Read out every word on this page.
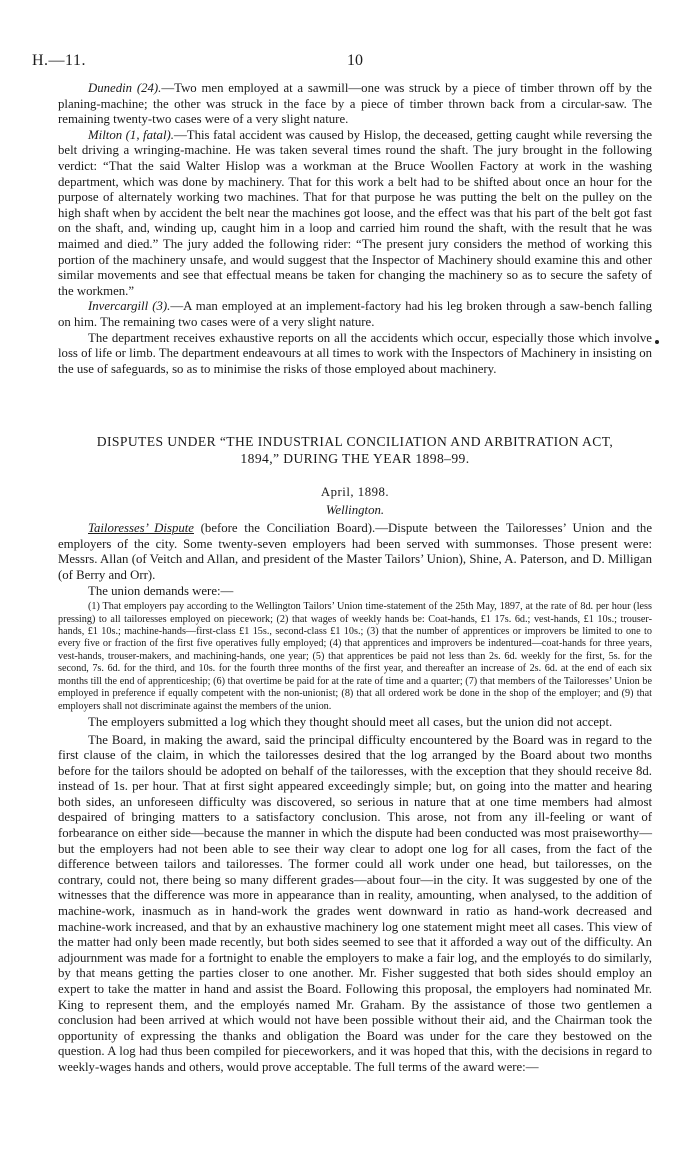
H.—11.	10

Dunedin (24).—Two men employed at a sawmill—one was struck by a piece of timber thrown off by the planing-machine; the other was struck in the face by a piece of timber thrown back from a circular-saw. The remaining twenty-two cases were of a very slight nature.

Milton (1, fatal).—This fatal accident was caused by Hislop, the deceased, getting caught while reversing the belt driving a wringing-machine. He was taken several times round the shaft. The jury brought in the following verdict: “That the said Walter Hislop was a workman at the Bruce Woollen Factory at work in the washing department, which was done by machinery. That for this work a belt had to be shifted about once an hour for the purpose of alternately working two machines. That for that purpose he was putting the belt on the pulley on the high shaft when by accident the belt near the machines got loose, and the effect was that his part of the belt got fast on the shaft, and, winding up, caught him in a loop and carried him round the shaft, with the result that he was maimed and died.” The jury added the following rider: “The present jury considers the method of working this portion of the machinery unsafe, and would suggest that the Inspector of Machinery should examine this and other similar movements and see that effectual means be taken for changing the machinery so as to secure the safety of the workmen.”

Invercargill (3).—A man employed at an implement-factory had his leg broken through a saw-bench falling on him. The remaining two cases were of a very slight nature.

The department receives exhaustive reports on all the accidents which occur, especially those which involve loss of life or limb. The department endeavours at all times to work with the Inspectors of Machinery in insisting on the use of safeguards, so as to minimise the risks of those employed about machinery.

DISPUTES UNDER “THE INDUSTRIAL CONCILIATION AND ARBITRATION ACT,
1894,” DURING THE YEAR 1898–99.
April, 1898.
Wellington.

Tailoresses’ Dispute (before the Conciliation Board).—Dispute between the Tailoresses’ Union and the employers of the city. Some twenty-seven employers had been served with summonses. Those present were: Messrs. Allan (of Veitch and Allan, and president of the Master Tailors’ Union), Shine, A. Paterson, and D. Milligan (of Berry and Orr).

The union demands were:—

(1) That employers pay according to the Wellington Tailors’ Union time-statement of the 25th May, 1897, at the rate of 8d. per hour (less pressing) to all tailoresses employed on piecework; (2) that wages of weekly hands be: Coat-hands, £1 17s. 6d.; vest-hands, £1 10s.; trouser-hands, £1 10s.; machine-hands—first-class £1 15s., second-class £1 10s.; (3) that the number of apprentices or improvers be limited to one to every five or fraction of the first five operatives fully employed; (4) that apprentices and improvers be indentured—coat-hands for three years, vest-hands, trouser-makers, and machining-hands, one year; (5) that apprentices be paid not less than 2s. 6d. weekly for the first, 5s. for the second, 7s. 6d. for the third, and 10s. for the fourth three months of the first year, and thereafter an increase of 2s. 6d. at the end of each six months till the end of apprenticeship; (6) that overtime be paid for at the rate of time and a quarter; (7) that members of the Tailoresses’ Union be employed in preference if equally competent with the non-unionist; (8) that all ordered work be done in the shop of the employer; and (9) that employers shall not discriminate against the members of the union.

The employers submitted a log which they thought should meet all cases, but the union did not accept.

The Board, in making the award, said the principal difficulty encountered by the Board was in regard to the first clause of the claim, in which the tailoresses desired that the log arranged by the Board about two months before for the tailors should be adopted on behalf of the tailoresses, with the exception that they should receive 8d. instead of 1s. per hour. That at first sight appeared exceedingly simple; but, on going into the matter and hearing both sides, an unforeseen difficulty was discovered, so serious in nature that at one time members had almost despaired of bringing matters to a satisfactory conclusion. This arose, not from any ill-feeling or want of forbearance on either side—because the manner in which the dispute had been conducted was most praiseworthy—but the employers had not been able to see their way clear to adopt one log for all cases, from the fact of the difference between tailors and tailoresses. The former could all work under one head, but tailoresses, on the contrary, could not, there being so many different grades—about four—in the city. It was suggested by one of the witnesses that the difference was more in appearance than in reality, amounting, when analysed, to the addition of machine-work, inasmuch as in hand-work the grades went downward in ratio as hand-work decreased and machine-work increased, and that by an exhaustive machinery log one statement might meet all cases. This view of the matter had only been made recently, but both sides seemed to see that it afforded a way out of the difficulty. An adjournment was made for a fortnight to enable the employers to make a fair log, and the employés to do similarly, by that means getting the parties closer to one another. Mr. Fisher suggested that both sides should employ an expert to take the matter in hand and assist the Board. Following this proposal, the employers had nominated Mr. King to represent them, and the employés named Mr. Graham. By the assistance of those two gentlemen a conclusion had been arrived at which would not have been possible without their aid, and the Chairman took the opportunity of expressing the thanks and obligation the Board was under for the care they bestowed on the question. A log had thus been compiled for pieceworkers, and it was hoped that this, with the decisions in regard to weekly-wages hands and others, would prove acceptable. The full terms of the award were:—
